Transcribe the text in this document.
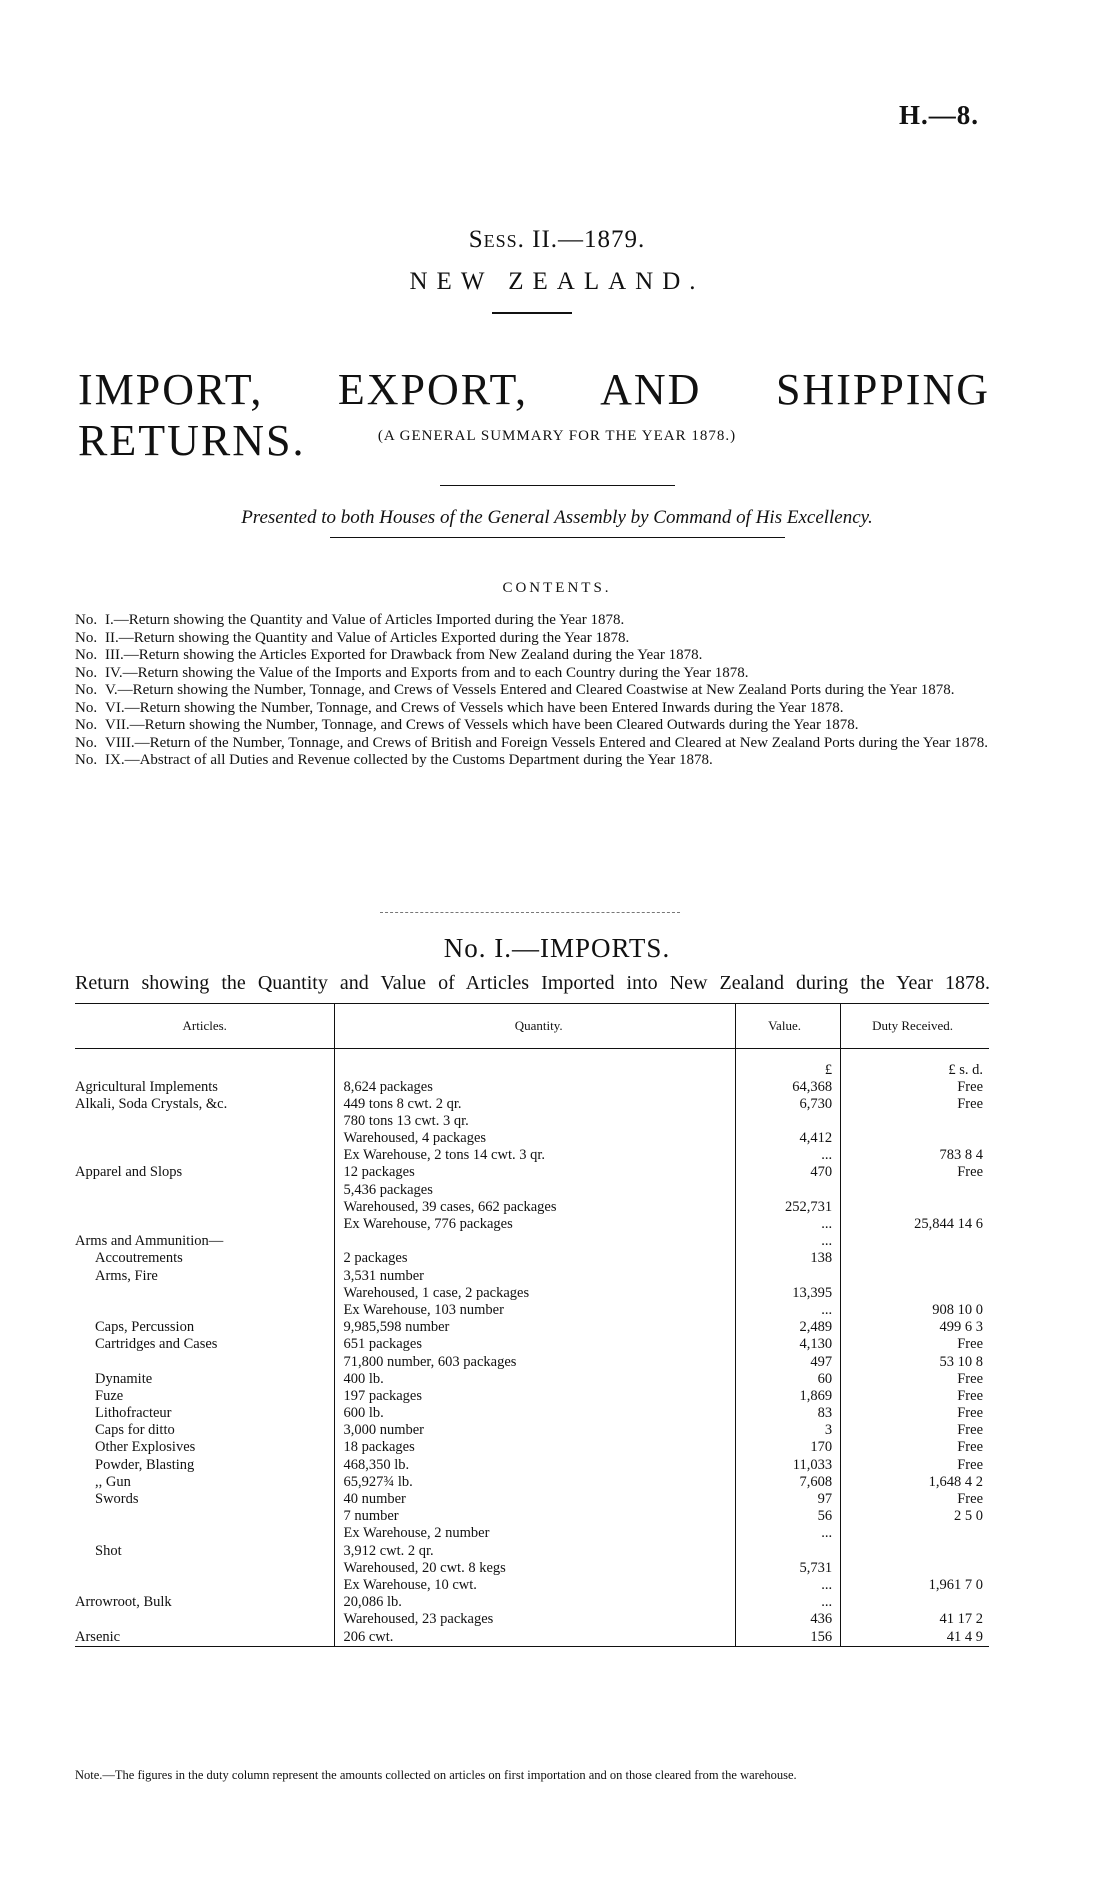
H.—8.
Sess. II.—1879.
NEW ZEALAND.
IMPORT, EXPORT, AND SHIPPING RETURNS.	(A GENERAL SUMMARY FOR THE YEAR 1878.)
Presented to both Houses of the General Assembly by Command of His Excellency.
CONTENTS.
No. I.—Return showing the Quantity and Value of Articles Imported during the Year 1878.
No. II.—Return showing the Quantity and Value of Articles Exported during the Year 1878.
No. III.—Return showing the Articles Exported for Drawback from New Zealand during the Year 1878.
No. IV.—Return showing the Value of the Imports and Exports from and to each Country during the Year 1878.
No. V.—Return showing the Number, Tonnage, and Crews of Vessels Entered and Cleared Coastwise at New Zealand Ports during the Year 1878.
No. VI.—Return showing the Number, Tonnage, and Crews of Vessels which have been Entered Inwards during the Year 1878.
No. VII.—Return showing the Number, Tonnage, and Crews of Vessels which have been Cleared Outwards during the Year 1878.
No. VIII.—Return of the Number, Tonnage, and Crews of British and Foreign Vessels Entered and Cleared at New Zealand Ports during the Year 1878.
No. IX.—Abstract of all Duties and Revenue collected by the Customs Department during the Year 1878.
No. I.—IMPORTS.
Return showing the Quantity and Value of Articles Imported into New Zealand during the Year 1878.
Articles.	Quantity.	Value.	Duty Received.
		£	£ s. d.
Agricultural Implements	8,624 packages	64,368	Free
Alkali, Soda Crystals, &c.	449 tons 8 cwt. 2 qr.	6,730	Free
	780 tons 13 cwt. 3 qr.		
	Warehoused, 4 packages	4,412	
	Ex Warehouse, 2 tons 14 cwt. 3 qr.	...	783 8 4
Apparel and Slops	12 packages	470	Free
	5,436 packages		
	Warehoused, 39 cases, 662 packages	252,731	
	Ex Warehouse, 776 packages	...	25,844 14 6
Arms and Ammunition—		...	
Accoutrements	2 packages	138	
Arms, Fire	3,531 number		
	Warehoused, 1 case, 2 packages	13,395	
	Ex Warehouse, 103 number	...	908 10 0
Caps, Percussion	9,985,598 number	2,489	499 6 3
Cartridges and Cases	651 packages	4,130	Free
	71,800 number, 603 packages	497	53 10 8
Dynamite	400 lb.	60	Free
Fuze	197 packages	1,869	Free
Lithofracteur	600 lb.	83	Free
Caps for ditto	3,000 number	3	Free
Other Explosives	18 packages	170	Free
Powder, Blasting	468,350 lb.	11,033	Free
,, Gun	65,927¾ lb.	7,608	1,648 4 2
Swords	40 number	97	Free
	7 number	56	2 5 0
	Ex Warehouse, 2 number	...	
Shot	3,912 cwt. 2 qr.		
	Warehoused, 20 cwt. 8 kegs	5,731	
	Ex Warehouse, 10 cwt.	...	1,961 7 0
Arrowroot, Bulk	20,086 lb.	...	
	Warehoused, 23 packages	436	41 17 2
Arsenic	206 cwt.	156	41 4 9
Note.—The figures in the duty column represent the amounts collected on articles on first importation and on those cleared from the warehouse.
